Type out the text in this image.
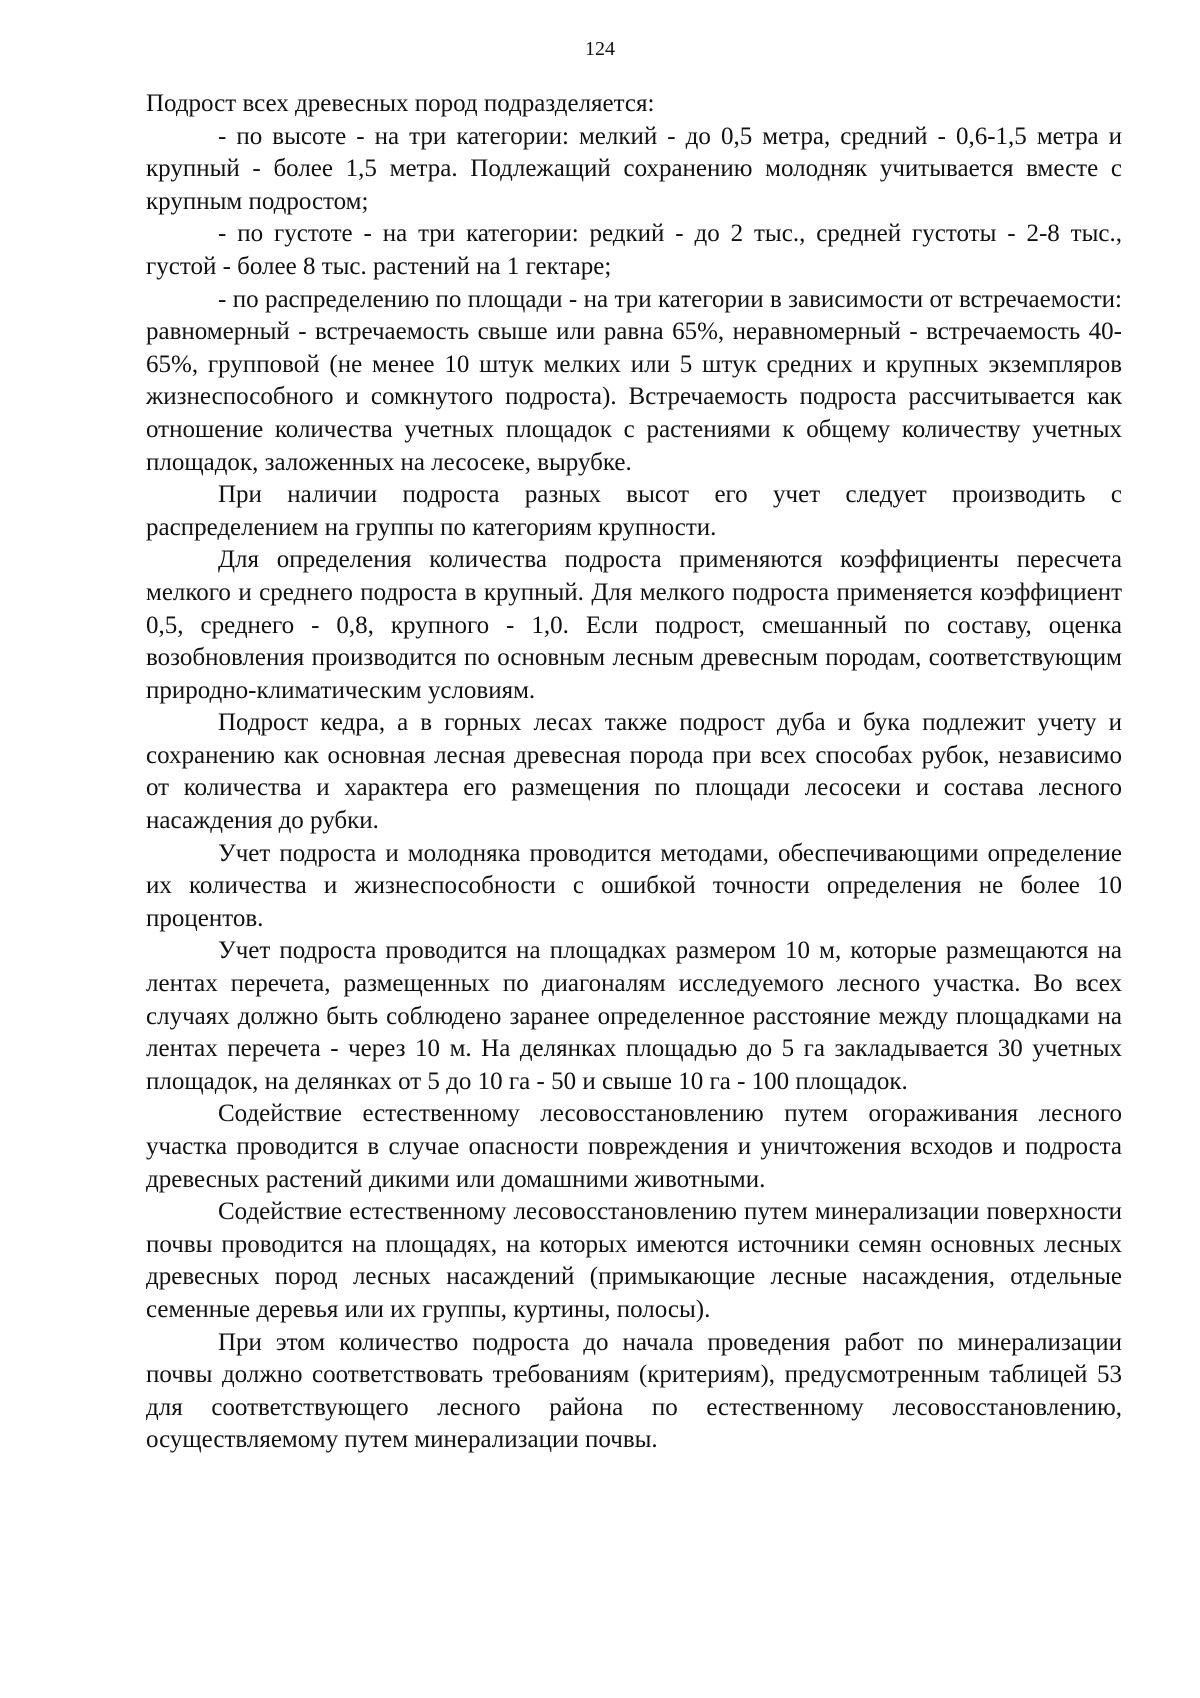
124

Подрост всех древесных пород подразделяется:

- по высоте - на три категории: мелкий - до 0,5 метра, средний - 0,6-1,5 метра и крупный - более 1,5 метра. Подлежащий сохранению молодняк учитывается вместе с крупным подростом;

- по густоте - на три категории: редкий - до 2 тыс., средней густоты - 2-8 тыс., густой - более 8 тыс. растений на 1 гектаре;

- по распределению по площади - на три категории в зависимости от встречаемости: равномерный - встречаемость свыше или равна 65%, неравномерный - встречаемость 40-65%, групповой (не менее 10 штук мелких или 5 штук средних и крупных экземпляров жизнеспособного и сомкнутого подроста). Встречаемость подроста рассчитывается как отношение количества учетных площадок с растениями к общему количеству учетных площадок, заложенных на лесосеке, вырубке.

При наличии подроста разных высот его учет следует производить с распределением на группы по категориям крупности.

Для определения количества подроста применяются коэффициенты пересчета мелкого и среднего подроста в крупный. Для мелкого подроста применяется коэффициент 0,5, среднего - 0,8, крупного - 1,0. Если подрост, смешанный по составу, оценка возобновления производится по основным лесным древесным породам, соответствующим природно-климатическим условиям.

Подрост кедра, а в горных лесах также подрост дуба и бука подлежит учету и сохранению как основная лесная древесная порода при всех способах рубок, независимо от количества и характера его размещения по площади лесосеки и состава лесного насаждения до рубки.

Учет подроста и молодняка проводится методами, обеспечивающими определение их количества и жизнеспособности с ошибкой точности определения не более 10 процентов.

Учет подроста проводится на площадках размером 10 м, которые размещаются на лентах перечета, размещенных по диагоналям исследуемого лесного участка. Во всех случаях должно быть соблюдено заранее определенное расстояние между площадками на лентах перечета - через 10 м. На делянках площадью до 5 га закладывается 30 учетных площадок, на делянках от 5 до 10 га - 50 и свыше 10 га - 100 площадок.

Содействие естественному лесовосстановлению путем огораживания лесного участка проводится в случае опасности повреждения и уничтожения всходов и подроста древесных растений дикими или домашними животными.

Содействие естественному лесовосстановлению путем минерализации поверхности почвы проводится на площадях, на которых имеются источники семян основных лесных древесных пород лесных насаждений (примыкающие лесные насаждения, отдельные семенные деревья или их группы, куртины, полосы).

При этом количество подроста до начала проведения работ по минерализации почвы должно соответствовать требованиям (критериям), предусмотренным таблицей 53 для соответствующего лесного района по естественному лесовосстановлению, осуществляемому путем минерализации почвы.
